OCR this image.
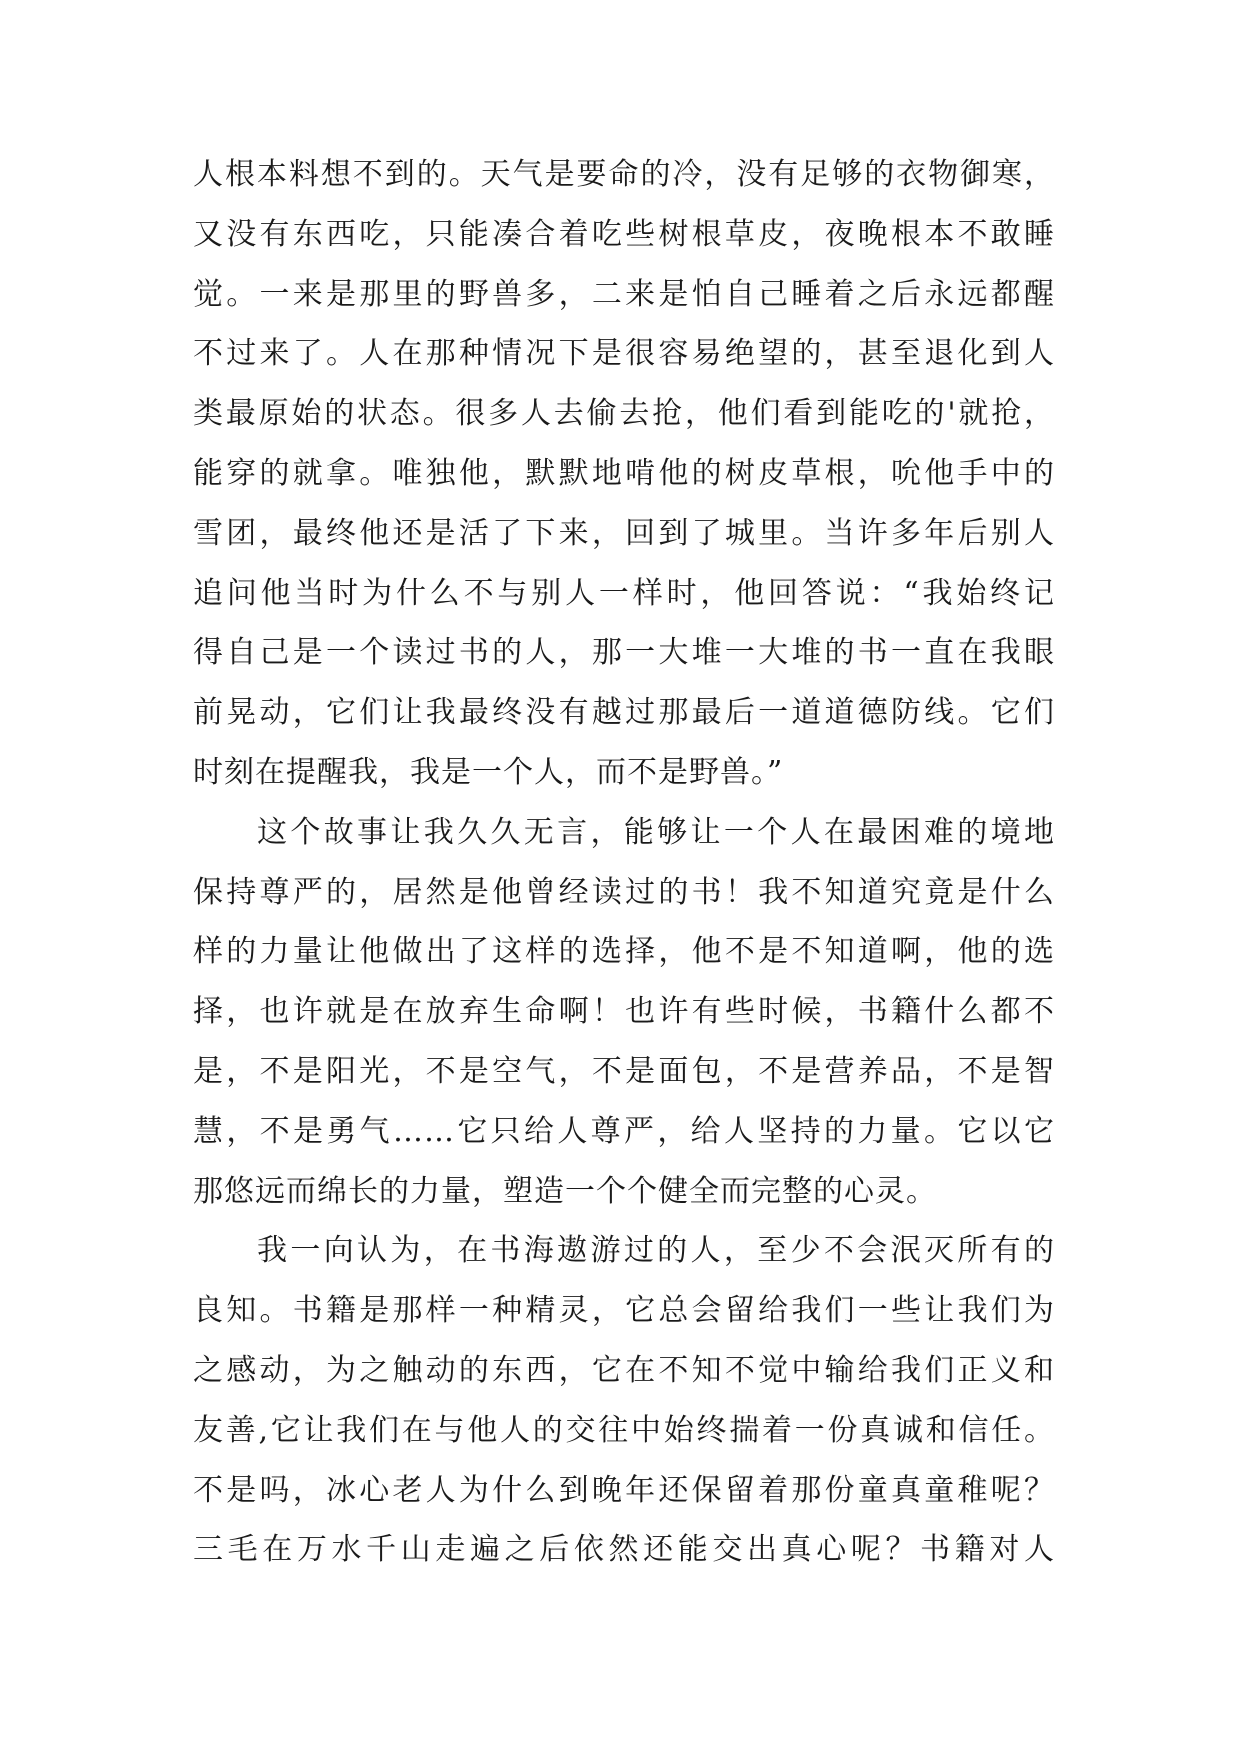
人根本料想不到的。天气是要命的冷，没有足够的衣物御寒，
又没有东西吃，只能凑合着吃些树根草皮，夜晚根本不敢睡
觉。一来是那里的野兽多，二来是怕自己睡着之后永远都醒
不过来了。人在那种情况下是很容易绝望的，甚至退化到人
类最原始的状态。很多人去偷去抢，他们看到能吃的'就抢，
能穿的就拿。唯独他，默默地啃他的树皮草根，吮他手中的
雪团，最终他还是活了下来，回到了城里。当许多年后别人
追问他当时为什么不与别人一样时，他回答说：“我始终记
得自己是一个读过书的人，那一大堆一大堆的书一直在我眼
前晃动，它们让我最终没有越过那最后一道道德防线。它们
时刻在提醒我，我是一个人，而不是野兽。”
这个故事让我久久无言，能够让一个人在最困难的境地
保持尊严的，居然是他曾经读过的书！我不知道究竟是什么
样的力量让他做出了这样的选择，他不是不知道啊，他的选
择，也许就是在放弃生命啊！也许有些时候，书籍什么都不
是，不是阳光，不是空气，不是面包，不是营养品，不是智
慧，不是勇气……它只给人尊严，给人坚持的力量。它以它
那悠远而绵长的力量，塑造一个个健全而完整的心灵。
我一向认为，在书海遨游过的人，至少不会泯灭所有的
良知。书籍是那样一种精灵，它总会留给我们一些让我们为
之感动，为之触动的东西，它在不知不觉中输给我们正义和
友善,它让我们在与他人的交往中始终揣着一份真诚和信任。
不是吗，冰心老人为什么到晚年还保留着那份童真童稚呢？
三毛在万水千山走遍之后依然还能交出真心呢？书籍对人
